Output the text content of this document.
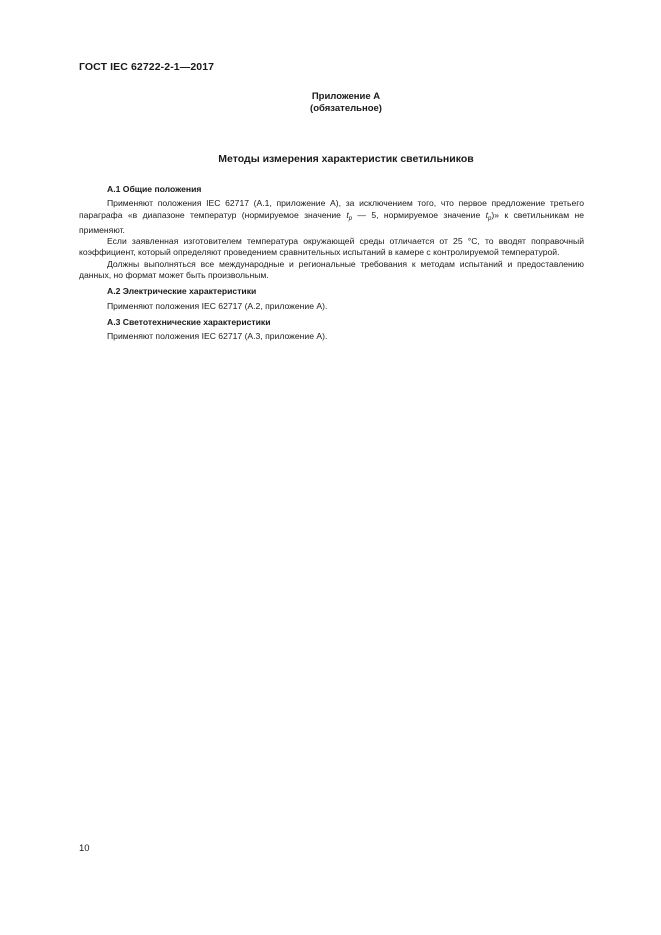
ГОСТ IEC 62722-2-1—2017
Приложение А
(обязательное)
Методы измерения характеристик светильников
А.1 Общие положения

Применяют положения IEC 62717 (А.1, приложение А), за исключением того, что первое предложение третьего параграфа «в диапазоне температур (нормируемое значение $t_p$ — 5, нормируемое значение $t_p$)» к светильникам не применяют.

Если заявленная изготовителем температура окружающей среды отличается от 25 °С, то вводят поправочный коэффициент, который определяют проведением сравнительных испытаний в камере с контролируемой температурой.

Должны выполняться все международные и региональные требования к методам испытаний и предоставлению данных, но формат может быть произвольным.

А.2 Электрические характеристики

Применяют положения IEC 62717 (А.2, приложение А).

А.3 Светотехнические характеристики

Применяют положения IEC 62717 (А.3, приложение А).

10
